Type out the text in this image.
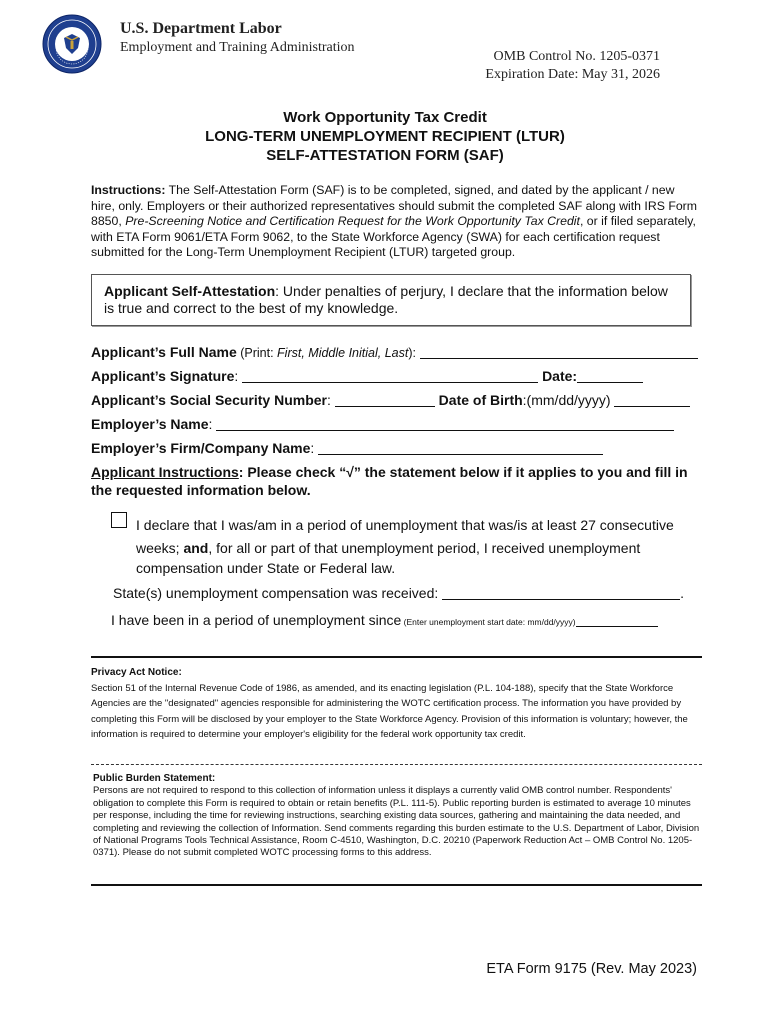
U.S. Department Labor
Employment and Training Administration
OMB Control No. 1205-0371
Expiration Date: May 31, 2026
Work Opportunity Tax Credit
LONG-TERM UNEMPLOYMENT RECIPIENT (LTUR)
SELF-ATTESTATION FORM (SAF)
Instructions: The Self-Attestation Form (SAF) is to be completed, signed, and dated by the applicant / new hire, only. Employers or their authorized representatives should submit the completed SAF along with IRS Form 8850, Pre-Screening Notice and Certification Request for the Work Opportunity Tax Credit, or if filed separately, with ETA Form 9061/ETA Form 9062, to the State Workforce Agency (SWA) for each certification request submitted for the Long-Term Unemployment Recipient (LTUR) targeted group.
Applicant Self-Attestation: Under penalties of perjury, I declare that the information below is true and correct to the best of my knowledge.
Applicant’s Full Name (Print: First, Middle Initial, Last):
Applicant’s Signature:	Date:
Applicant’s Social Security Number:	Date of Birth:(mm/dd/yyyy)
Employer’s Name:
Employer’s Firm/Company Name:
Applicant Instructions: Please check “√” the statement below if it applies to you and fill in the requested information below.
I declare that I was/am in a period of unemployment that was/is at least 27 consecutive
weeks; and, for all or part of that unemployment period, I received unemployment compensation under State or Federal law.
State(s) unemployment compensation was received:	.
I have been in a period of unemployment since (Enter unemployment start date: mm/dd/yyyy)
Privacy Act Notice:
Section 51 of the Internal Revenue Code of 1986, as amended, and its enacting legislation (P.L. 104-188), specify that the State Workforce Agencies are the "designated" agencies responsible for administering the WOTC certification process. The information you have provided by completing this Form will be disclosed by your employer to the State Workforce Agency. Provision of this information is voluntary; however, the information is required to determine your employer's eligibility for the federal work opportunity tax credit.
Public Burden Statement:
Persons are not required to respond to this collection of information unless it displays a currently valid OMB control number. Respondents' obligation to complete this Form is required to obtain or retain benefits (P.L. 111-5). Public reporting burden is estimated to average 10 minutes per response, including the time for reviewing instructions, searching existing data sources, gathering and maintaining the data needed, and completing and reviewing the collection of Information. Send comments regarding this burden estimate to the U.S. Department of Labor, Division of National Programs Tools Technical Assistance, Room C-4510, Washington, D.C. 20210 (Paperwork Reduction Act – OMB Control No. 1205-0371). Please do not submit completed WOTC processing forms to this address.
ETA Form 9175 (Rev. May 2023)
